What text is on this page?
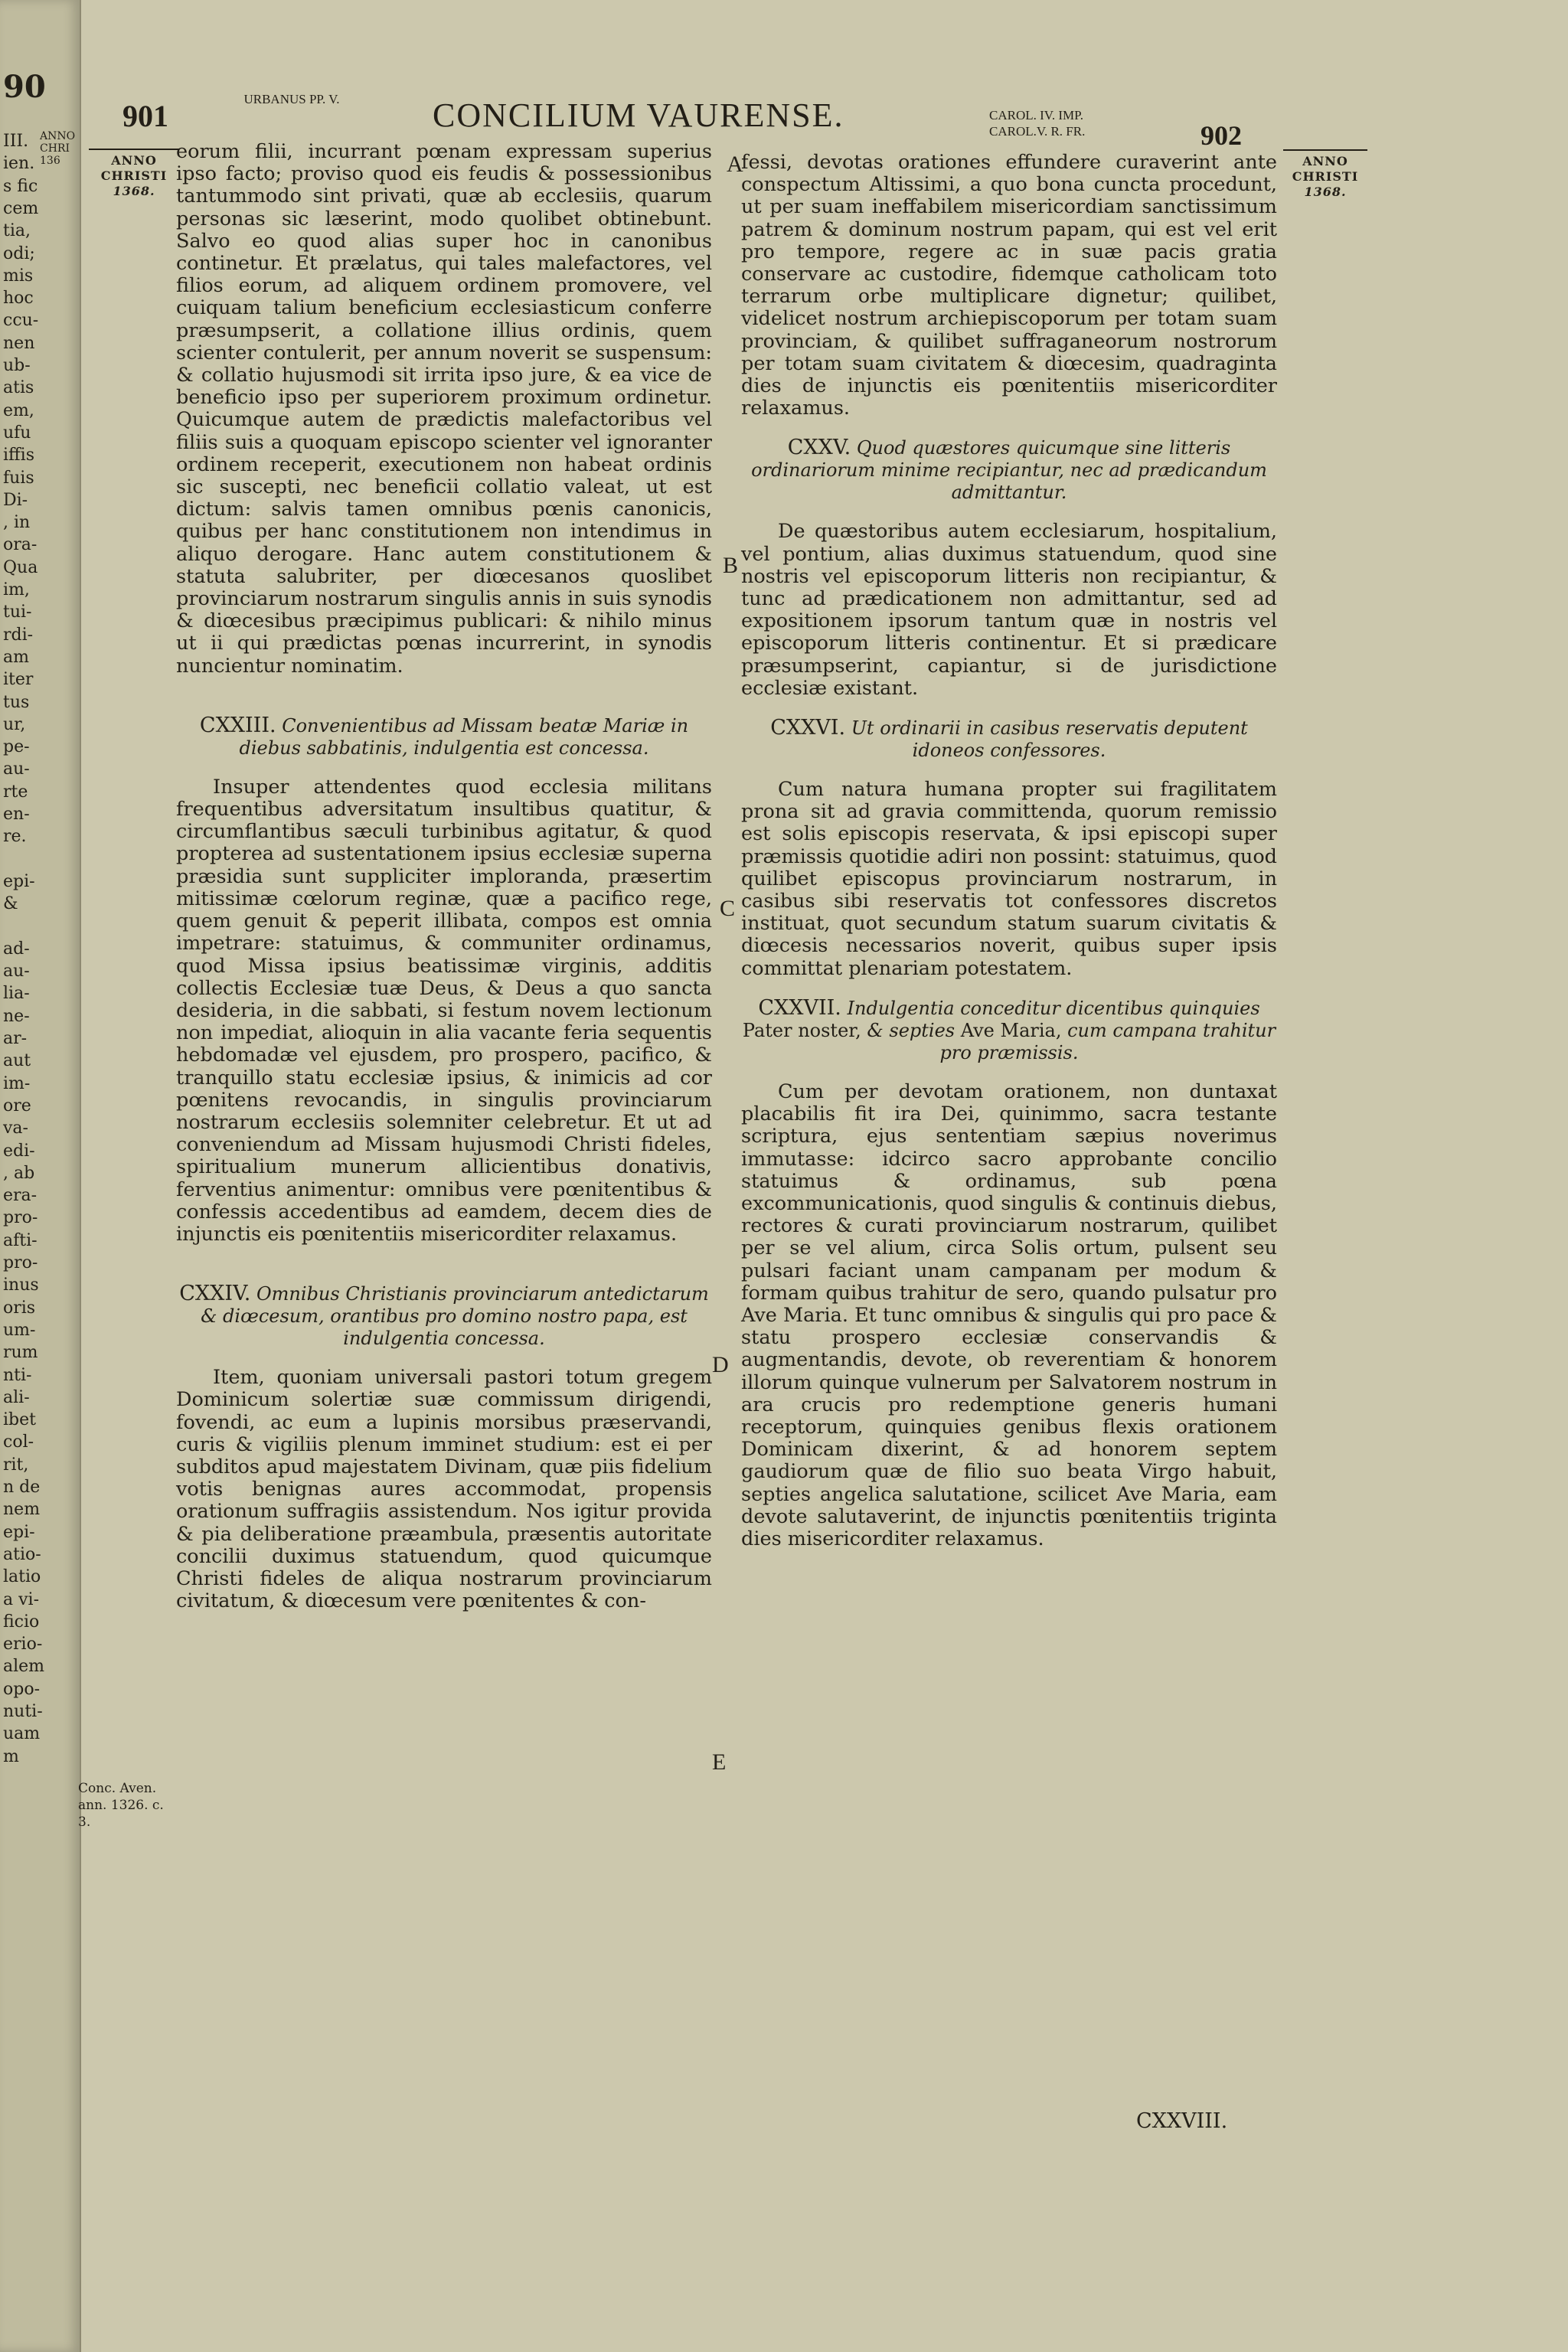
90
ANNO CHRI 136
III.
ien.
s fic
cem
tia,
odi;
mis
hoc
ccu-
nen
ub-
atis
em,
ufu
iffis
fuis
Di-
, in
ora-
Qua
im,
tui-
rdi-
am
iter
tus
ur,
pe-
au-
rte
en-
re.
epi-
&
ad-
au-
lia-
ne-
ar-
aut
im-
ore
va-
edi-
, ab
era-
pro-
afti-
pro-
inus
oris
um-
rum
nti-
ali-
ibet
col-
rit,
n de
nem
epi-
atio-
latio
a vi-
ficio
erio-
alem
opo-
nuti-
uam
m
901	URBANUS PP. V.	CONCILIUM VAURENSE.	CAROL. IV. IMP.
CAROL.V. R. FR.	902
ANNO
CHRISTI
1368.
ANNO
CHRISTI
1368.
A
B
C
D
E
Conc. Aven. ann. 1326. c. 3.

eorum filii, incurrant pœnam expressam superius ipso facto; proviso quod eis feudis & possessionibus tantummodo sint privati, quæ ab ecclesiis, quarum personas sic læserint, modo quolibet obtinebunt. Salvo eo quod alias super hoc in canonibus continetur. Et prælatus, qui tales malefactores, vel filios eorum, ad aliquem ordinem promovere, vel cuiquam talium beneficium ecclesiasticum conferre præsumpserit, a collatione illius ordinis, quem scienter contulerit, per annum noverit se suspensum: & collatio hujusmodi sit irrita ipso jure, & ea vice de beneficio ipso per superiorem proximum ordinetur. Quicumque autem de prædictis malefactoribus vel filiis suis a quoquam episcopo scienter vel ignoranter ordinem receperit, executionem non habeat ordinis sic suscepti, nec beneficii collatio valeat, ut est dictum: salvis tamen omnibus pœnis canonicis, quibus per hanc constitutionem non intendimus in aliquo derogare. Hanc autem constitutionem & statuta salubriter, per diœcesanos quoslibet provinciarum nostrarum singulis annis in suis synodis & diœcesibus præcipimus publicari: & nihilo minus ut ii qui prædictas pœnas incurrerint, in synodis nuncientur nominatim.

CXXIII. Convenientibus ad Missam beatæ Mariæ in diebus sabbatinis, indulgentia est concessa.

Insuper attendentes quod ecclesia militans frequentibus adversitatum insultibus quatitur, & circumflantibus sæculi turbinibus agitatur, & quod propterea ad sustentationem ipsius ecclesiæ superna præsidia sunt suppliciter imploranda, præsertim mitissimæ cœlorum reginæ, quæ a pacifico rege, quem genuit & peperit illibata, compos est omnia impetrare: statuimus, & communiter ordinamus, quod Missa ipsius beatissimæ virginis, additis collectis Ecclesiæ tuæ Deus, & Deus a quo sancta desideria, in die sabbati, si festum novem lectionum non impediat, alioquin in alia vacante feria sequentis hebdomadæ vel ejusdem, pro prospero, pacifico, & tranquillo statu ecclesiæ ipsius, & inimicis ad cor pœnitens revocandis, in singulis provinciarum nostrarum ecclesiis solemniter celebretur. Et ut ad conveniendum ad Missam hujusmodi Christi fideles, spiritualium munerum allicientibus donativis, ferventius animentur: omnibus vere pœnitentibus & confessis accedentibus ad eamdem, decem dies de injunctis eis pœnitentiis misericorditer relaxamus.

CXXIV. Omnibus Christianis provinciarum antedictarum & diœcesum, orantibus pro domino nostro papa, est indulgentia concessa.

Item, quoniam universali pastori totum gregem Dominicum solertiæ suæ commissum dirigendi, fovendi, ac eum a lupinis morsibus præservandi, curis & vigiliis plenum imminet studium: est ei per subditos apud majestatem Divinam, quæ piis fidelium votis benignas aures accommodat, propensis orationum suffragiis assistendum. Nos igitur provida & pia deliberatione præambula, præsentis autoritate concilii duximus statuendum, quod quicumque Christi fideles de aliqua nostrarum provinciarum civitatum, & diœcesum vere pœnitentes & con-

fessi, devotas orationes effundere curaverint ante conspectum Altissimi, a quo bona cuncta procedunt, ut per suam ineffabilem misericordiam sanctissimum patrem & dominum nostrum papam, qui est vel erit pro tempore, regere ac in suæ pacis gratia conservare ac custodire, fidemque catholicam toto terrarum orbe multiplicare dignetur; quilibet, videlicet nostrum archiepiscoporum per totam suam provinciam, & quilibet suffraganeorum nostrorum per totam suam civitatem & diœcesim, quadraginta dies de injunctis eis pœnitentiis misericorditer relaxamus.

CXXV. Quod quæstores quicumque sine litteris ordinariorum minime recipiantur, nec ad prædicandum admittantur.

De quæstoribus autem ecclesiarum, hospitalium, vel pontium, alias duximus statuendum, quod sine nostris vel episcoporum litteris non recipiantur, & tunc ad prædicationem non admittantur, sed ad expositionem ipsorum tantum quæ in nostris vel episcoporum litteris continentur. Et si prædicare præsumpserint, capiantur, si de jurisdictione ecclesiæ existant.

CXXVI. Ut ordinarii in casibus reservatis deputent idoneos confessores.

Cum natura humana propter sui fragilitatem prona sit ad gravia committenda, quorum remissio est solis episcopis reservata, & ipsi episcopi super præmissis quotidie adiri non possint: statuimus, quod quilibet episcopus provinciarum nostrarum, in casibus sibi reservatis tot confessores discretos instituat, quot secundum statum suarum civitatis & diœcesis necessarios noverit, quibus super ipsis committat plenariam potestatem.

CXXVII. Indulgentia conceditur dicentibus quinquies Pater noster, & septies Ave Maria, cum campana trahitur pro præmissis.

Cum per devotam orationem, non duntaxat placabilis fit ira Dei, quinimmo, sacra testante scriptura, ejus sententiam sæpius noverimus immutasse: idcirco sacro approbante concilio statuimus & ordinamus, sub pœna excommunicationis, quod singulis & continuis diebus, rectores & curati provinciarum nostrarum, quilibet per se vel alium, circa Solis ortum, pulsent seu pulsari faciant unam campanam per modum & formam quibus trahitur de sero, quando pulsatur pro Ave Maria. Et tunc omnibus & singulis qui pro pace & statu prospero ecclesiæ conservandis & augmentandis, devote, ob reverentiam & honorem illorum quinque vulnerum per Salvatorem nostrum in ara crucis pro redemptione generis humani receptorum, quinquies genibus flexis orationem Dominicam dixerint, & ad honorem septem gaudiorum quæ de filio suo beata Virgo habuit, septies angelica salutatione, scilicet Ave Maria, eam devote salutaverint, de injunctis pœnitentiis triginta dies misericorditer relaxamus.

CXXVIII.
